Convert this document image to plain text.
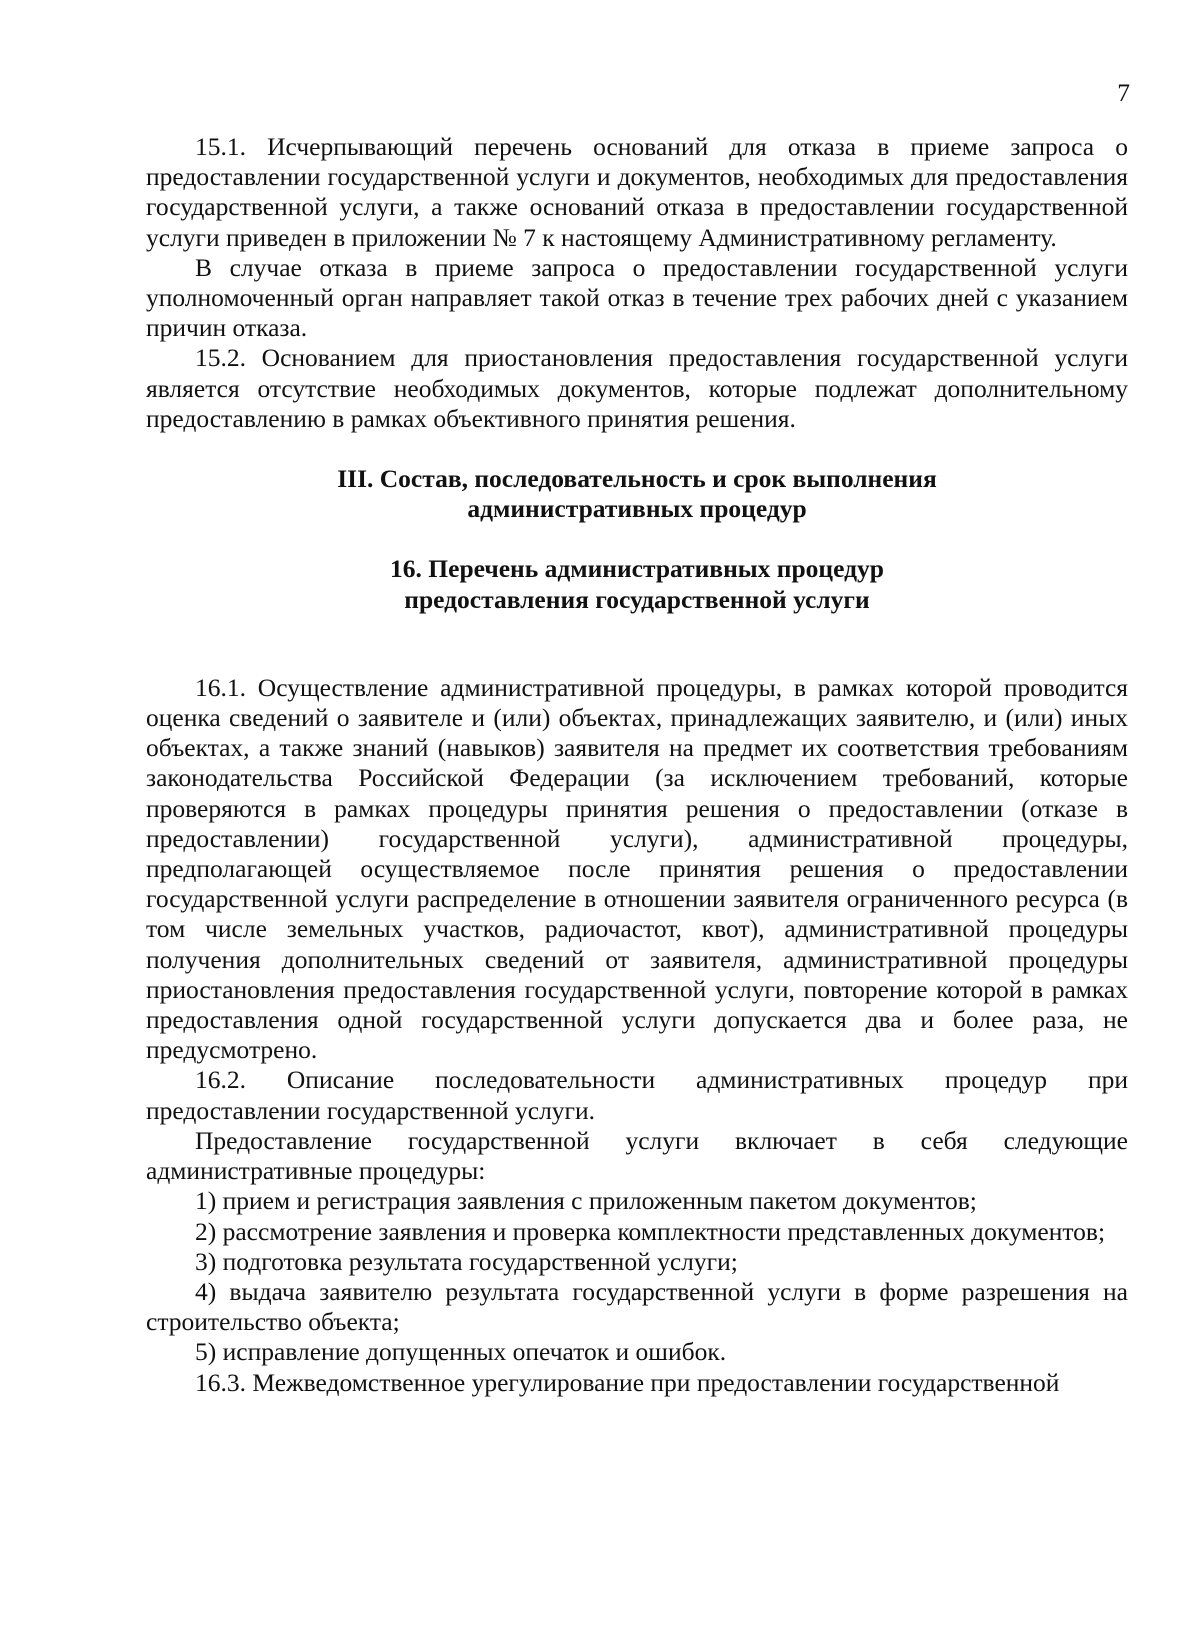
7

15.1. Исчерпывающий перечень оснований для отказа в приеме запроса о предоставлении государственной услуги и документов, необходимых для предоставления государственной услуги, а также оснований отказа в предоставлении государственной услуги приведен в приложении № 7 к настоящему Административному регламенту.

В случае отказа в приеме запроса о предоставлении государственной услуги уполномоченный орган направляет такой отказ в течение трех рабочих дней с указанием причин отказа.

15.2. Основанием для приостановления предоставления государственной услуги является отсутствие необходимых документов, которые подлежат дополнительному предоставлению в рамках объективного принятия решения.

III. Состав, последовательность и срок выполнения
административных процедур

16. Перечень административных процедур
предоставления государственной услуги

16.1. Осуществление административной процедуры, в рамках которой проводится оценка сведений о заявителе и (или) объектах, принадлежащих заявителю, и (или) иных объектах, а также знаний (навыков) заявителя на предмет их соответствия требованиям законодательства Российской Федерации (за исключением требований, которые проверяются в рамках процедуры принятия решения о предоставлении (отказе в предоставлении) государственной услуги), административной процедуры, предполагающей осуществляемое после принятия решения о предоставлении государственной услуги распределение в отношении заявителя ограниченного ресурса (в том числе земельных участков, радиочастот, квот), административной процедуры получения дополнительных сведений от заявителя, административной процедуры приостановления предоставления государственной услуги, повторение которой в рамках предоставления одной государственной услуги допускается два и более раза, не предусмотрено.

16.2. Описание последовательности административных процедур при предоставлении государственной услуги.

Предоставление государственной услуги включает в себя следующие административные процедуры:

1) прием и регистрация заявления с приложенным пакетом документов;

2) рассмотрение заявления и проверка комплектности представленных документов;

3) подготовка результата государственной услуги;

4) выдача заявителю результата государственной услуги в форме разрешения на строительство объекта;

5) исправление допущенных опечаток и ошибок.

16.3. Межведомственное урегулирование при предоставлении государственной
